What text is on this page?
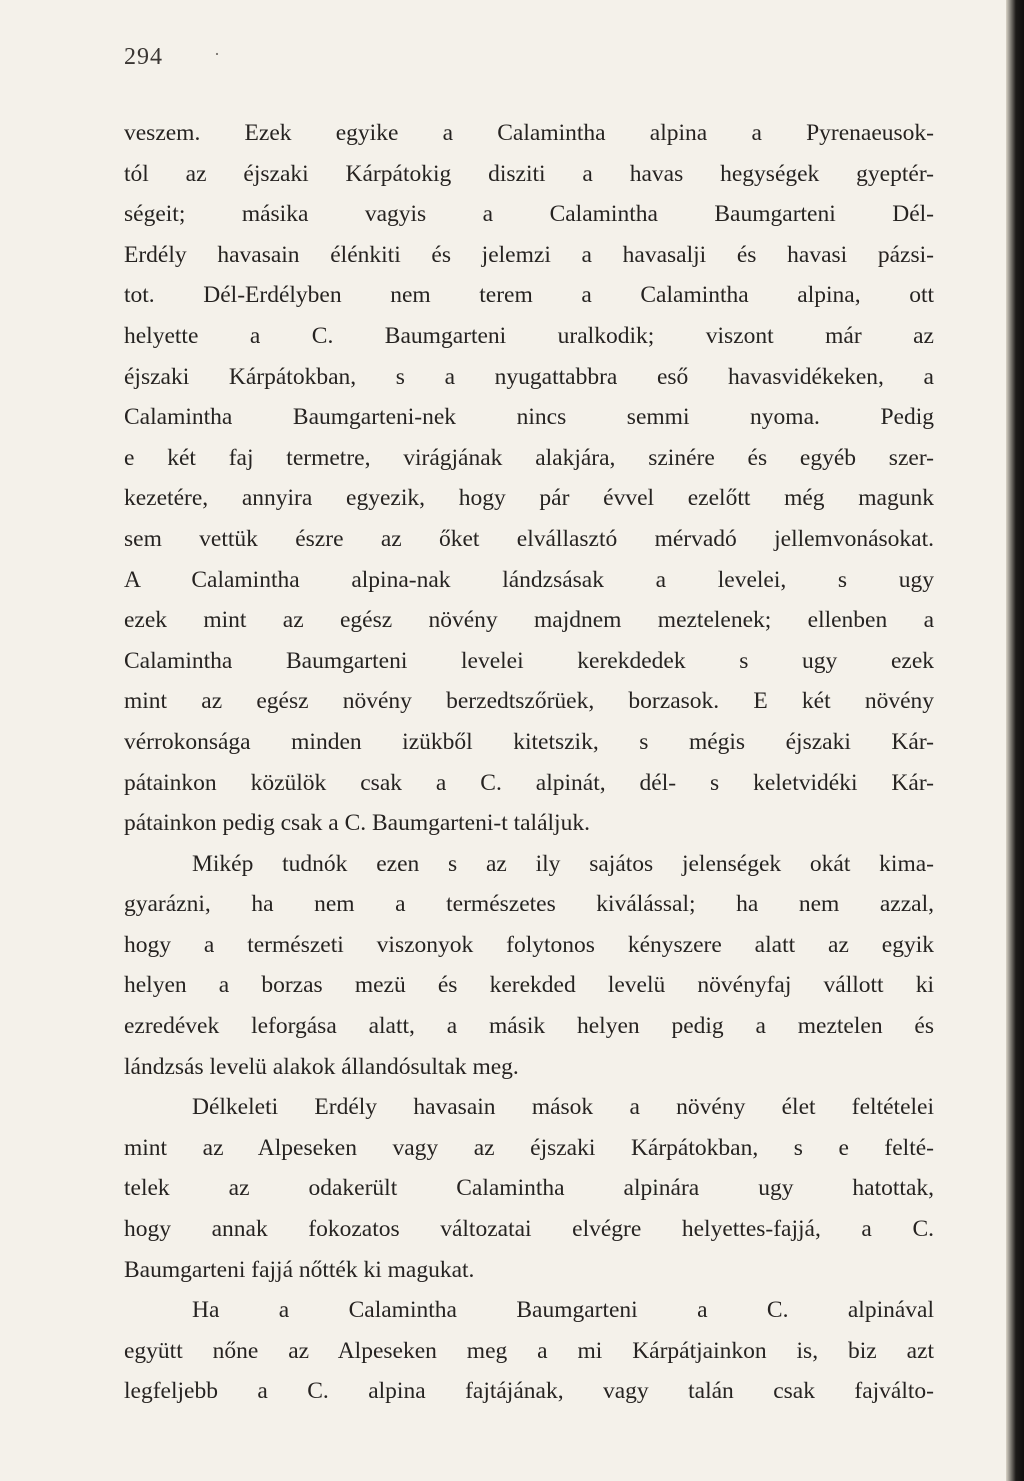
294	·
veszem. Ezek egyike a Calamintha alpina a Pyrenaeusok-
tól az éjszaki Kárpátokig disziti a havas hegységek gyeptér-
ségeit; másika vagyis a Calamintha Baumgarteni Dél-
Erdély havasain élénkiti és jelemzi a havasalji és havasi pázsi-
tot. Dél-Erdélyben nem terem a Calamintha alpina, ott
helyette a C. Baumgarteni uralkodik; viszont már az
éjszaki Kárpátokban, s a nyugattabbra eső havasvidékeken, a
Calamintha Baumgarteni-nek nincs semmi nyoma. Pedig
e két faj termetre, virágjának alakjára, szinére és egyéb szer-
kezetére, annyira egyezik, hogy pár évvel ezelőtt még magunk
sem vettük észre az őket elvállasztó mérvadó jellemvonásokat.
A Calamintha alpina-nak lándzsásak a levelei, s ugy
ezek mint az egész növény majdnem meztelenek; ellenben a
Calamintha Baumgarteni levelei kerekdedek s ugy ezek
mint az egész növény berzedtszőrüek, borzasok. E két növény
vérrokonsága minden izükből kitetszik, s mégis éjszaki Kár-
pátainkon közülök csak a C. alpinát, dél- s keletvidéki Kár-
pátainkon pedig csak a C. Baumgarteni-t találjuk.
Mikép tudnók ezen s az ily sajátos jelenségek okát kima-
gyarázni, ha nem a természetes kiválással; ha nem azzal,
hogy a természeti viszonyok folytonos kényszere alatt az egyik
helyen a borzas mezü és kerekded levelü növényfaj vállott ki
ezredévek leforgása alatt, a másik helyen pedig a meztelen és
lándzsás levelü alakok állandósultak meg.
Délkeleti Erdély havasain mások a növény élet feltételei
mint az Alpeseken vagy az éjszaki Kárpátokban, s e felté-
telek az odakerült Calamintha alpinára ugy hatottak,
hogy annak fokozatos változatai elvégre helyettes-fajjá, a C.
Baumgarteni fajjá nőtték ki magukat.
Ha a Calamintha Baumgarteni a C. alpinával
együtt nőne az Alpeseken meg a mi Kárpátjainkon is, biz azt
legfeljebb a C. alpina fajtájának, vagy talán csak fajválto-
